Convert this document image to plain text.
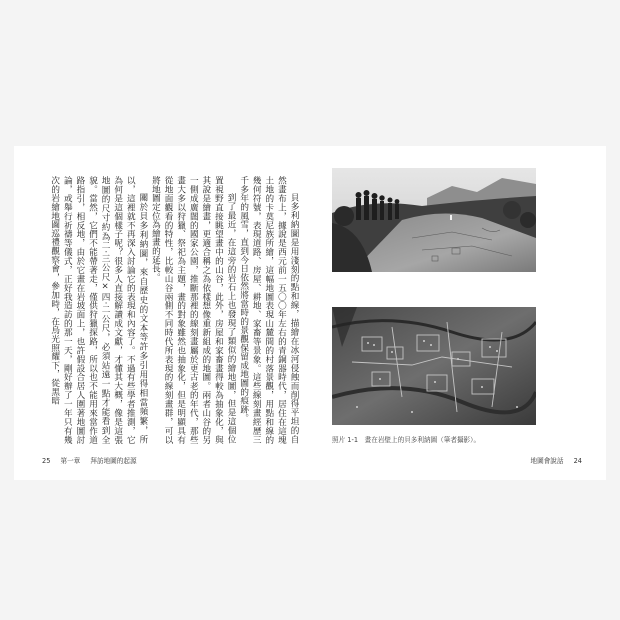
貝多利納圖是用淺刻的點和線，描繪在冰河侵蝕而削得平坦的自然畫布上，據說是西元前一五〇〇年左右的青銅器時代，居住在這塊土地的卡莫尼族所繪，這幅地圖表現山麓間的村落景觀，用點和線的幾何符號，表現道路、房屋、耕地、家畜等景象。這些線刻畫經歷三千多年的風雪，直到今日依然將當時的景觀保留成地圖的痕跡。

到了最近，在這旁的岩石上也發現了類似的繪地圖，但是這個位置視野直接眺望畫中的山谷，此外，房屋和家畜畫得較為抽象化，與其說是繪畫，更適合稱之為依樣想像重新組成的地圖。兩者山谷的另一側成廣闊的國家公園，推斷那裡的線刻畫屬於更古老的年代，那些畫大多以狩獵、祭祀為主題，畫的對象雖然也抽象化，但是明顯具有從地面觀看的特性，比較山谷兩側不同時代所表現的線刻畫群，可以將地圖定位為繪畫的延長。

關於貝多利納圖，來自歷史的文本等許多引用得相當頻繁，所以，這裡就不再深入討論它的表現和內容了。不過有些學者推測，它為何是這個樣子呢？很多人直接解讀成文獻，才懂其大概，像是這張地圖的尺寸約為二‧三公尺×四‧二公尺，必須站遠一點才能看到全貌。當然，它們不能帶著走，僅供狩獵探路，所以也不能用來當作道路指引，相反地，由於它畫在岩坡面上，也許假設合居人圍著地圖討論，或舉行祈禱等儀式，正好我造訪的那一天，剛好辦了一年只有幾次的岩繪地圖巡禮觀察會，參加時，在烏光照耀下，從黑暗

25 第一章 拜訪地圖的起源
照片 1-1　畫在岩壁上的貝多利納圖（筆者攝影）。
地圖會說話 24
